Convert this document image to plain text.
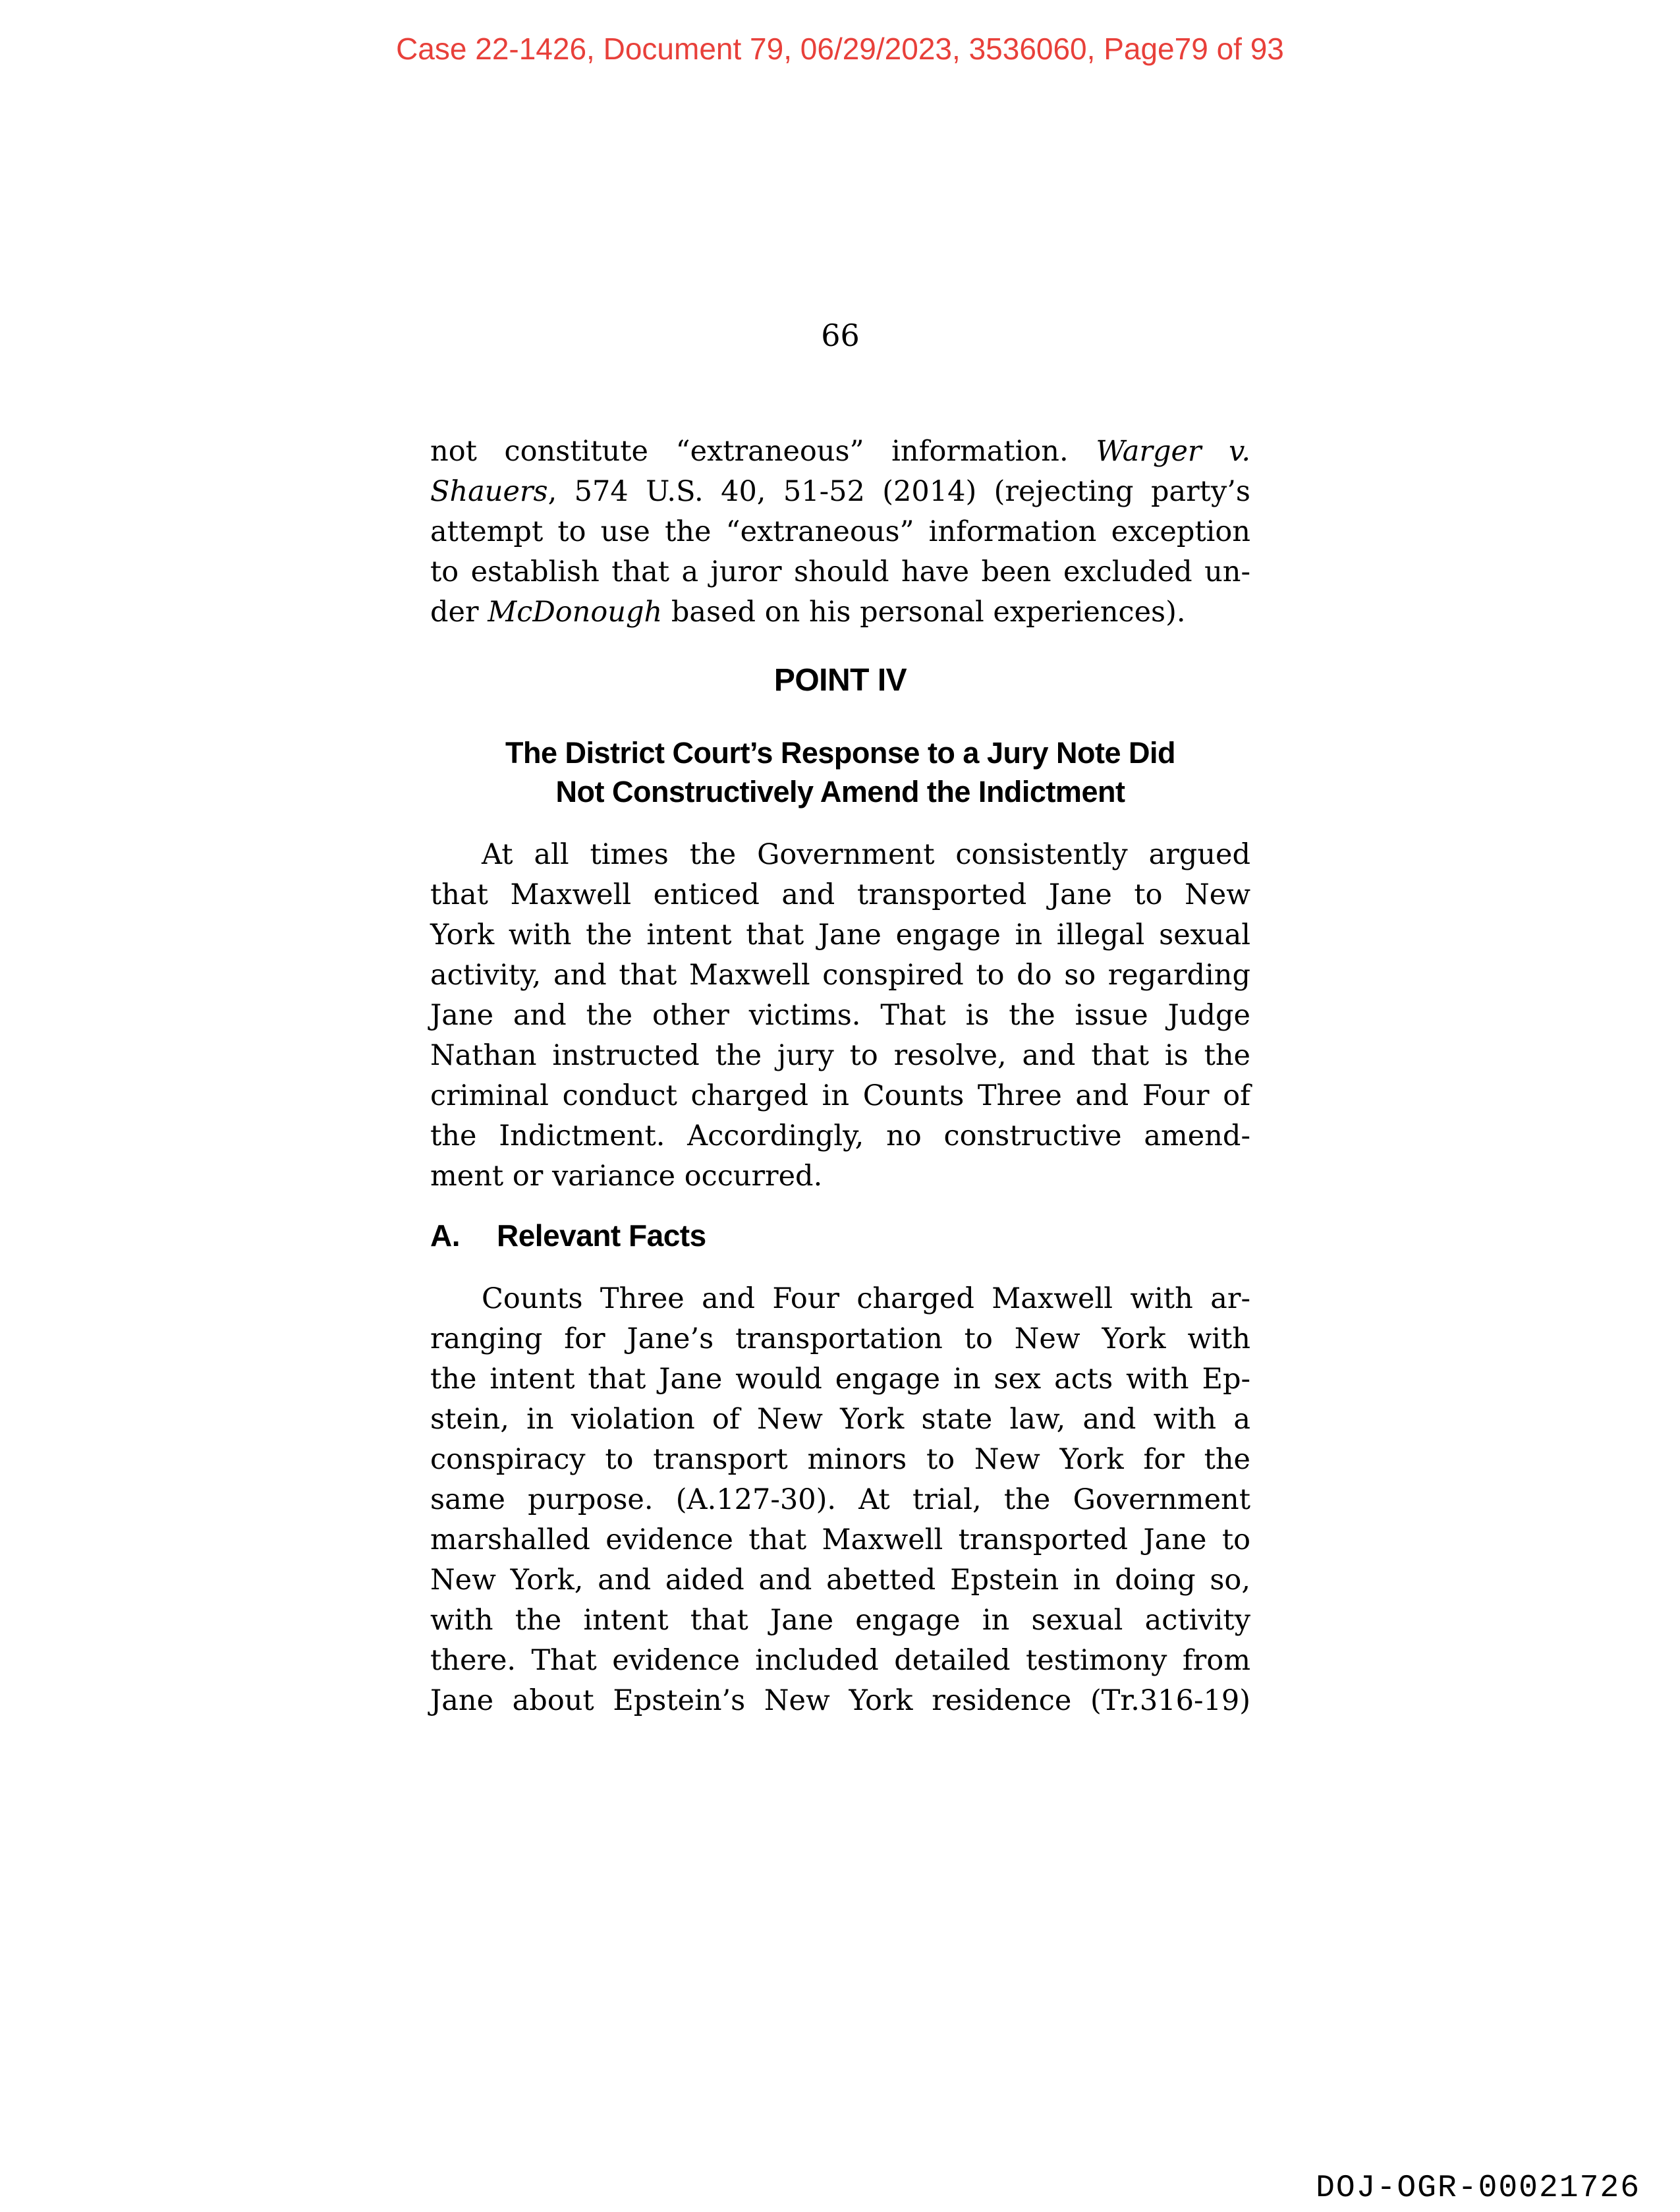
Case 22-1426, Document 79, 06/29/2023, 3536060, Page79 of 93
66
not constitute “extraneous” information. Warger v.
Shauers, 574 U.S. 40, 51-52 (2014) (rejecting party’s
attempt to use the “extraneous” information exception
to establish that a juror should have been excluded un-
der McDonough based on his personal experiences).
POINT IV
The District Court’s Response to a Jury Note Did
Not Constructively Amend the Indictment
At all times the Government consistently argued
that Maxwell enticed and transported Jane to New
York with the intent that Jane engage in illegal sexual
activity, and that Maxwell conspired to do so regarding
Jane and the other victims. That is the issue Judge
Nathan instructed the jury to resolve, and that is the
criminal conduct charged in Counts Three and Four of
the Indictment. Accordingly, no constructive amend-
ment or variance occurred.
A. Relevant Facts
Counts Three and Four charged Maxwell with ar-
ranging for Jane’s transportation to New York with
the intent that Jane would engage in sex acts with Ep-
stein, in violation of New York state law, and with a
conspiracy to transport minors to New York for the
same purpose. (A.127-30). At trial, the Government
marshalled evidence that Maxwell transported Jane to
New York, and aided and abetted Epstein in doing so,
with the intent that Jane engage in sexual activity
there. That evidence included detailed testimony from
Jane about Epstein’s New York residence (Tr.316-19)
DOJ-OGR-00021726
